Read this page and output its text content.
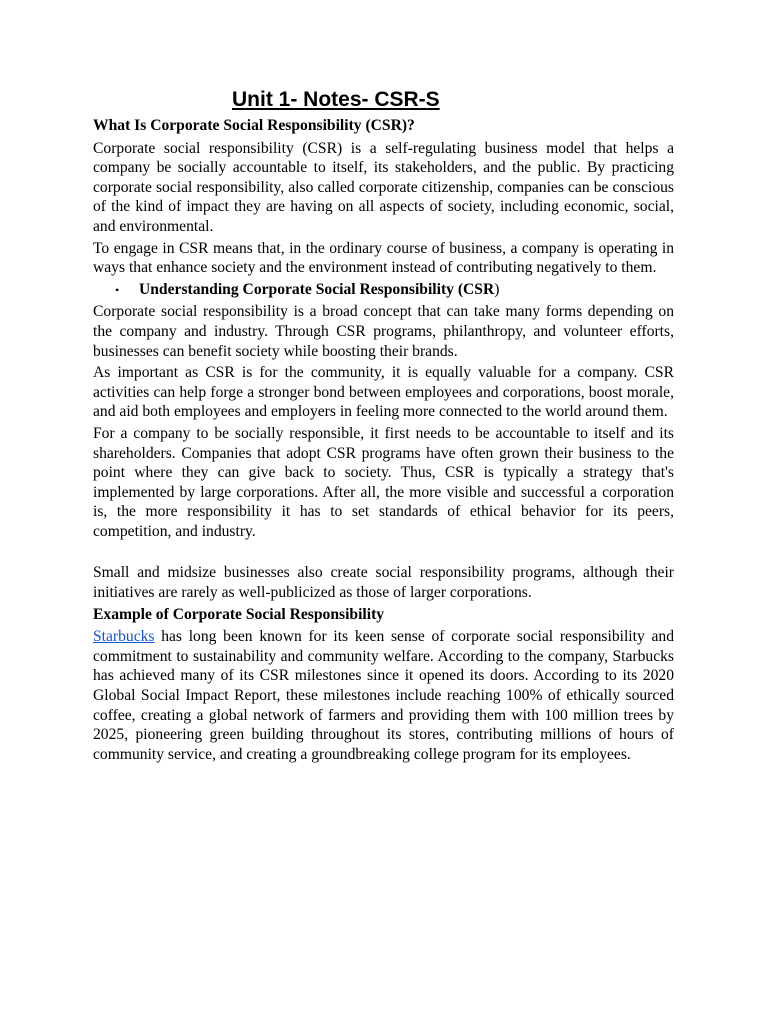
Unit 1- Notes- CSR-S
What Is Corporate Social Responsibility (CSR)?

Corporate social responsibility (CSR) is a self-regulating business model that helps a company be socially accountable to itself, its stakeholders, and the public. By practicing corporate social responsibility, also called corporate citizenship, companies can be conscious of the kind of impact they are having on all aspects of society, including economic, social, and environmental.

To engage in CSR means that, in the ordinary course of business, a company is operating in ways that enhance society and the environment instead of contributing negatively to them.

•	Understanding Corporate Social Responsibility (CSR)

Corporate social responsibility is a broad concept that can take many forms depending on the company and industry. Through CSR programs, philanthropy, and volunteer efforts, businesses can benefit society while boosting their brands.

As important as CSR is for the community, it is equally valuable for a company. CSR activities can help forge a stronger bond between employees and corporations, boost morale, and aid both employees and employers in feeling more connected to the world around them.

For a company to be socially responsible, it first needs to be accountable to itself and its shareholders. Companies that adopt CSR programs have often grown their business to the point where they can give back to society. Thus, CSR is typically a strategy that's implemented by large corporations. After all, the more visible and successful a corporation is, the more responsibility it has to set standards of ethical behavior for its peers, competition, and industry.

Small and midsize businesses also create social responsibility programs, although their initiatives are rarely as well-publicized as those of larger corporations.

Example of Corporate Social Responsibility

Starbucks has long been known for its keen sense of corporate social responsibility and commitment to sustainability and community welfare. According to the company, Starbucks has achieved many of its CSR milestones since it opened its doors. According to its 2020 Global Social Impact Report, these milestones include reaching 100% of ethically sourced coffee, creating a global network of farmers and providing them with 100 million trees by 2025, pioneering green building throughout its stores, contributing millions of hours of community service, and creating a groundbreaking college program for its employees.
